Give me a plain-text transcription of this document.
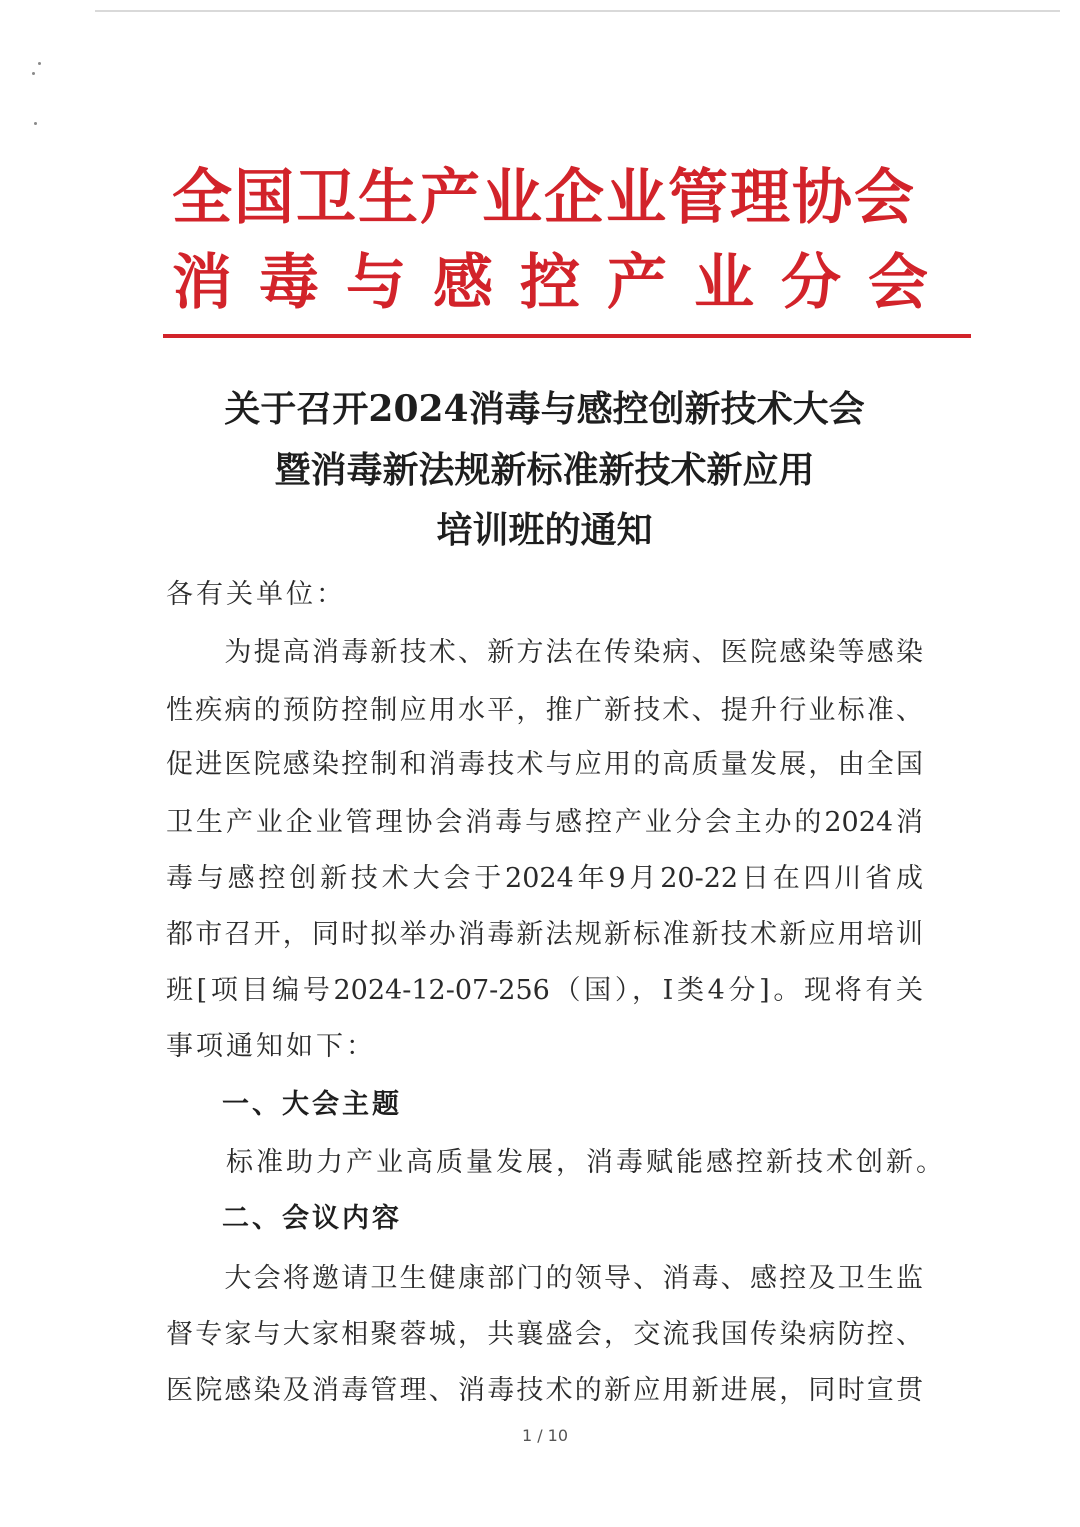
全国卫生产业企业管理协会
消毒与感控产业分会
关于召开2024消毒与感控创新技术大会
暨消毒新法规新标准新技术新应用
培训班的通知
各有关单位：
　　为提高消毒新技术、新方法在传染病、医院感染等感染
性疾病的预防控制应用水平，推广新技术、提升行业标准、
促进医院感染控制和消毒技术与应用的高质量发展，由全国
卫生产业企业管理协会消毒与感控产业分会主办的2024消
毒与感控创新技术大会于2024年9月20-22日在四川省成
都市召开，同时拟举办消毒新法规新标准新技术新应用培训
班[项目编号2024-12-07-256（国），Ⅰ类4分]。现将有关
事项通知如下：
一、大会主题
　　标准助力产业高质量发展，消毒赋能感控新技术创新。
二、会议内容
　　大会将邀请卫生健康部门的领导、消毒、感控及卫生监
督专家与大家相聚蓉城，共襄盛会，交流我国传染病防控、
医院感染及消毒管理、消毒技术的新应用新进展，同时宣贯
1 / 10
